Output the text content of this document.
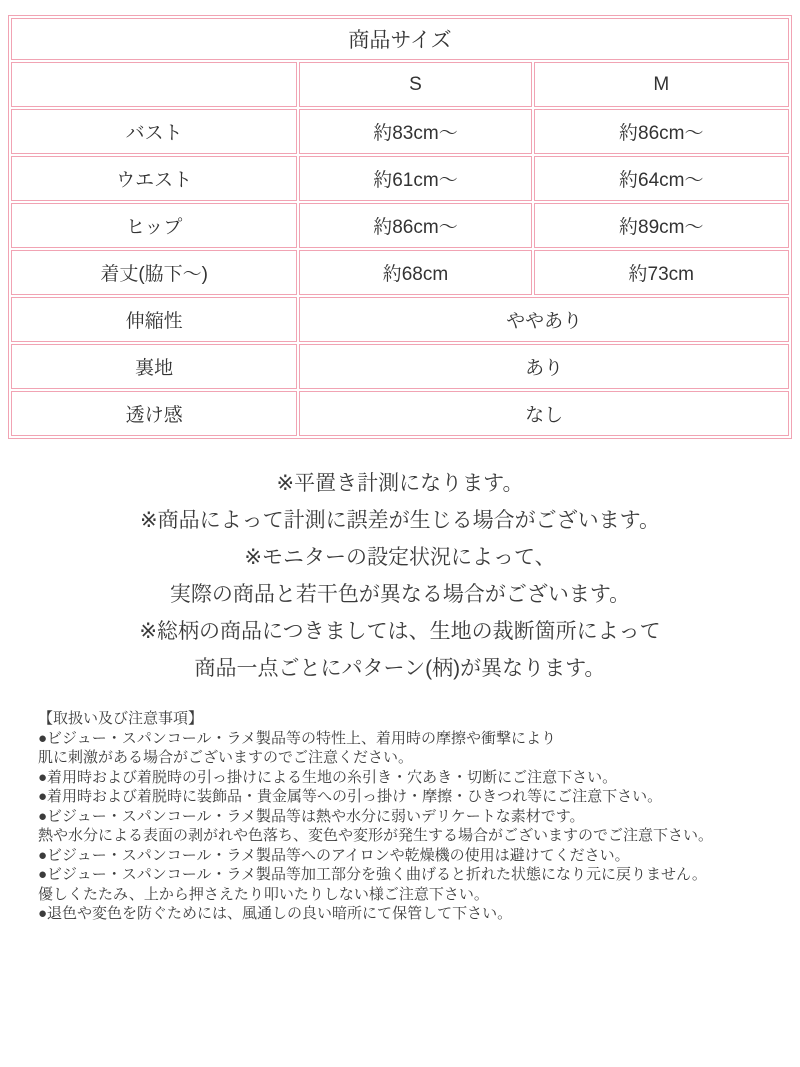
商品サイズ		
	S	M
バスト	約83cm〜	約86cm〜
ウエスト	約61cm〜	約64cm〜
ヒップ	約86cm〜	約89cm〜
着丈(脇下〜)	約68cm	約73cm
伸縮性	ややあり	
裏地	あり	
透け感	なし	
※平置き計測になります。
※商品によって計測に誤差が生じる場合がございます。
※モニターの設定状況によって、
実際の商品と若干色が異なる場合がございます。
※総柄の商品につきましては、生地の裁断箇所によって
商品一点ごとにパターン(柄)が異なります。
【取扱い及び注意事項】
●ビジュー・スパンコール・ラメ製品等の特性上、着用時の摩擦や衝撃により
肌に刺激がある場合がございますのでご注意ください。
●着用時および着脱時の引っ掛けによる生地の糸引き・穴あき・切断にご注意下さい。
●着用時および着脱時に装飾品・貴金属等への引っ掛け・摩擦・ひきつれ等にご注意下さい。
●ビジュー・スパンコール・ラメ製品等は熱や水分に弱いデリケートな素材です。
熱や水分による表面の剥がれや色落ち、変色や変形が発生する場合がございますのでご注意下さい。
●ビジュー・スパンコール・ラメ製品等へのアイロンや乾燥機の使用は避けてください。
●ビジュー・スパンコール・ラメ製品等加工部分を強く曲げると折れた状態になり元に戻りません。
優しくたたみ、上から押さえたり叩いたりしない様ご注意下さい。
●退色や変色を防ぐためには、風通しの良い暗所にて保管して下さい。
